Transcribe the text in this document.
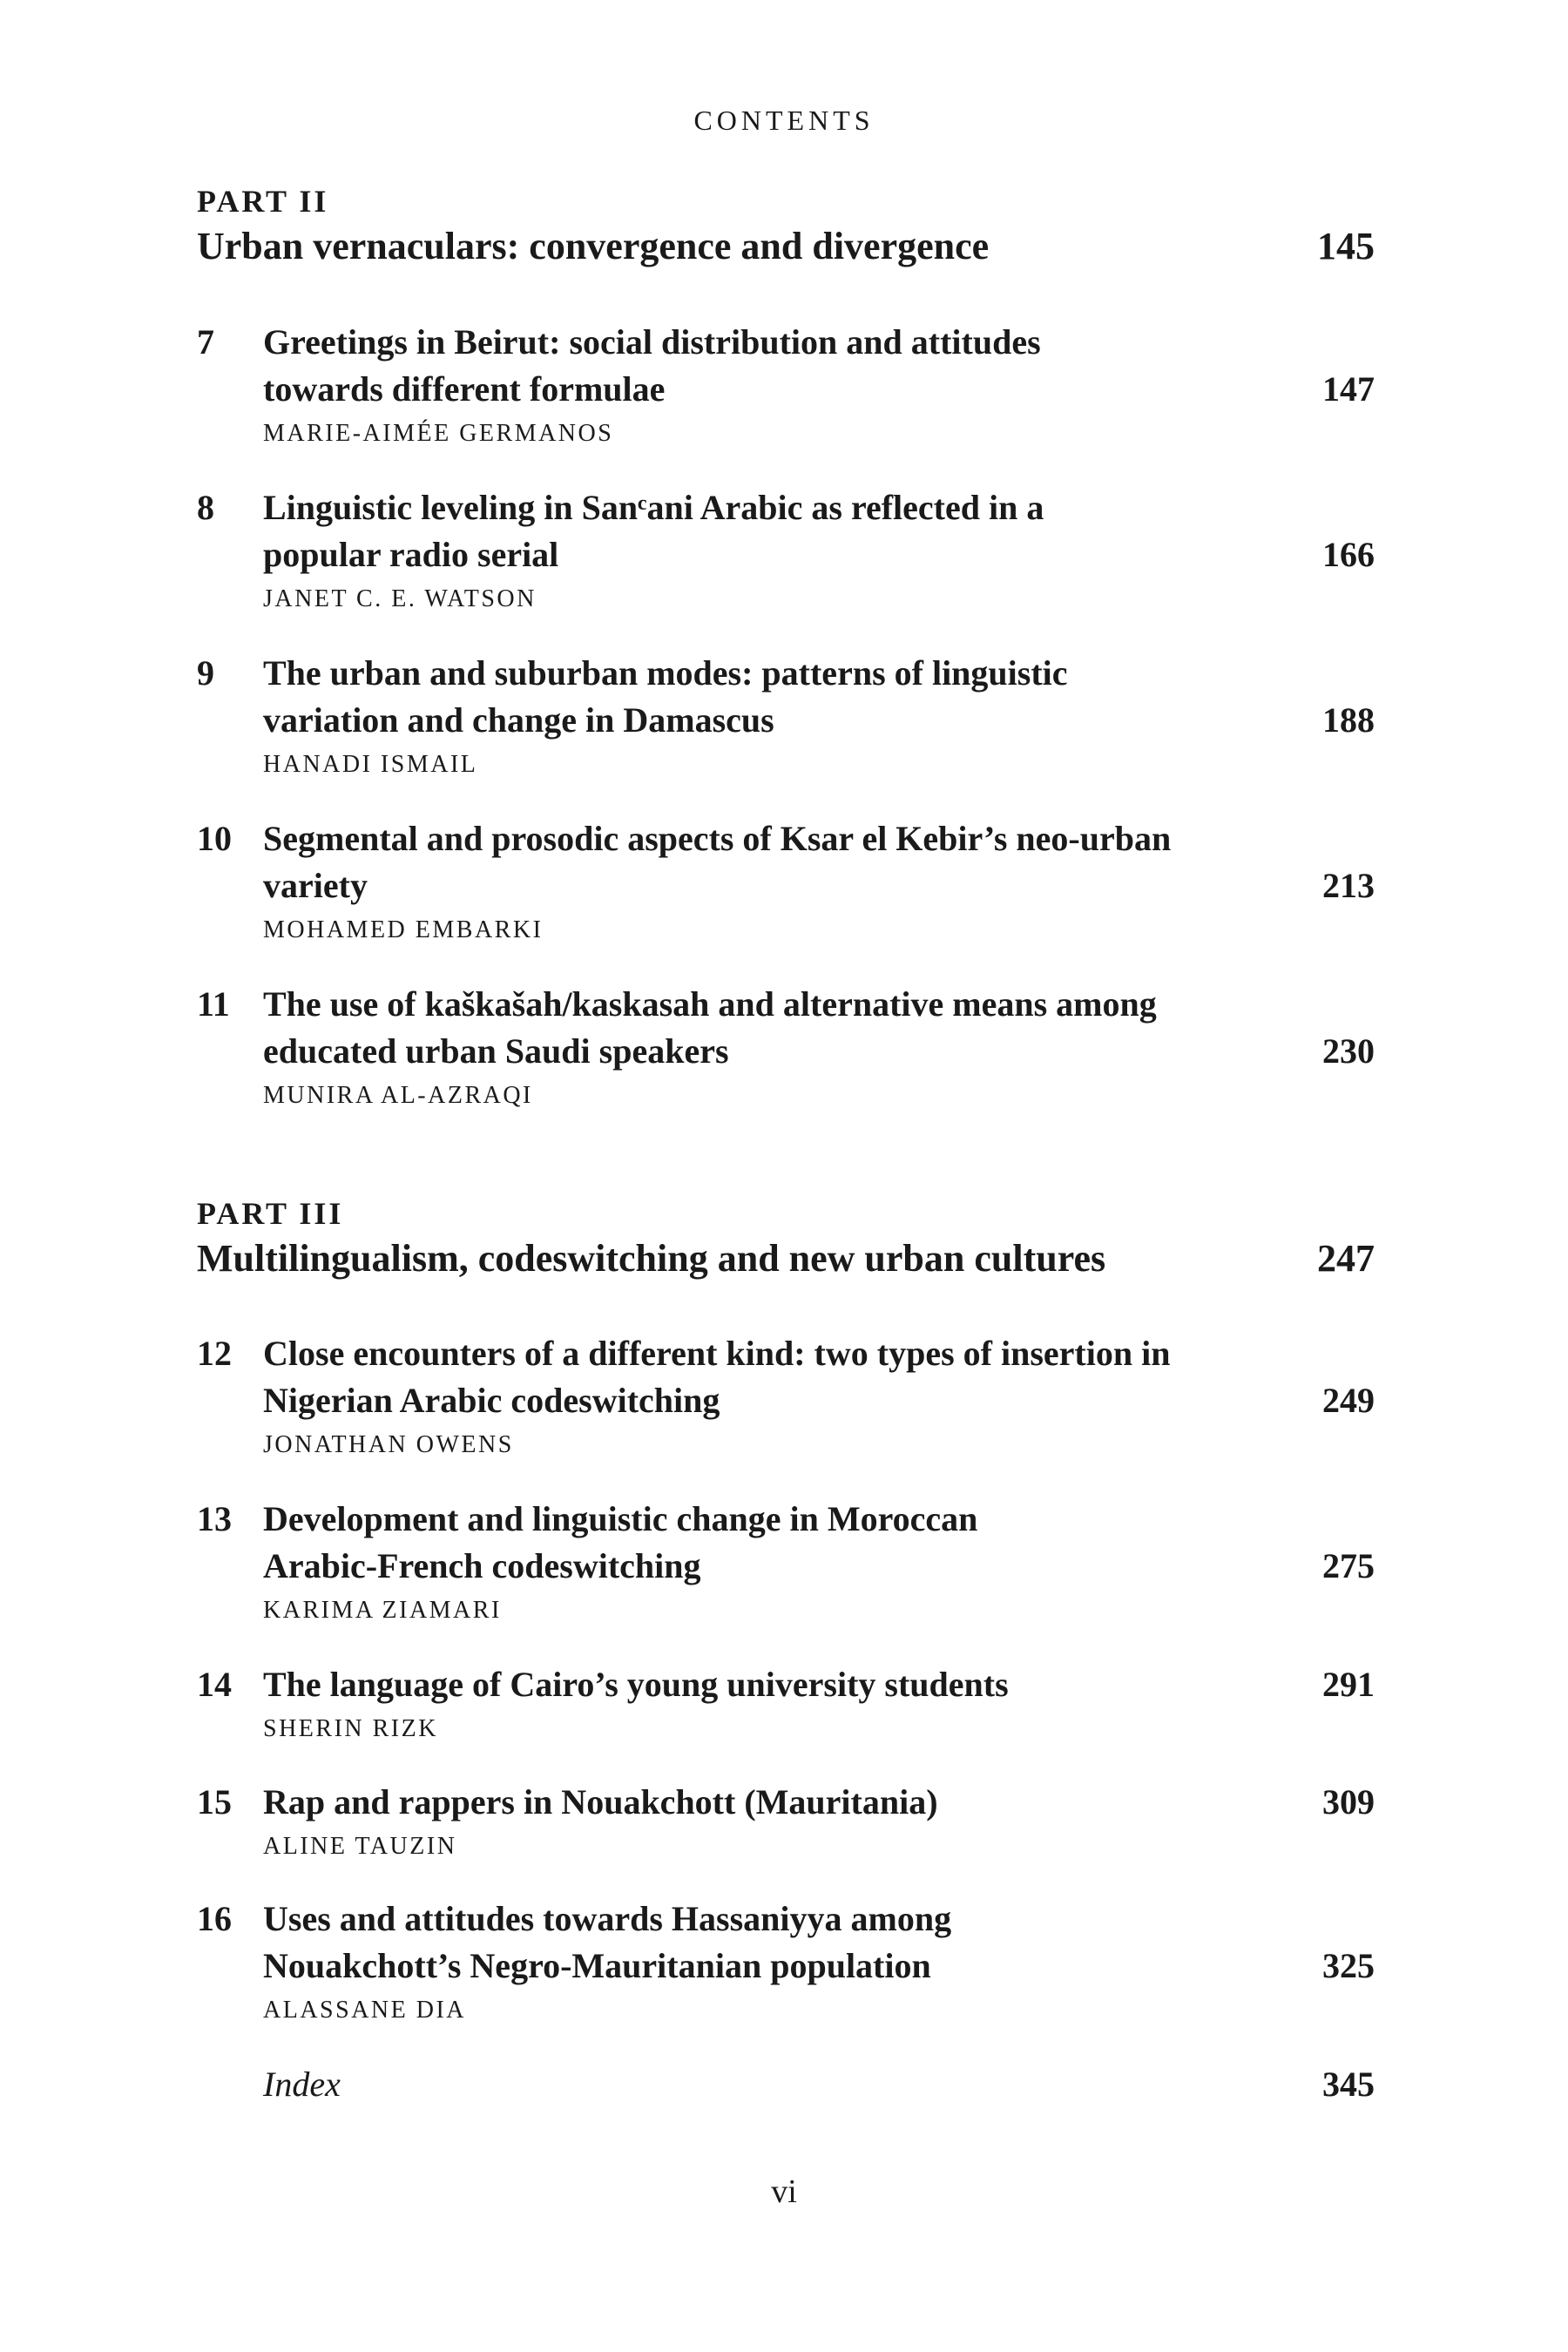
CONTENTS
PART II
Urban vernaculars: convergence and divergence	145
7 Greetings in Beirut: social distribution and attitudes
towards different formulae	147
MARIE-AIMÉE GERMANOS
8 Linguistic leveling in Sanᶜani Arabic as reflected in a
popular radio serial	166
JANET C. E. WATSON
9 The urban and suburban modes: patterns of linguistic
variation and change in Damascus	188
HANADI ISMAIL
10 Segmental and prosodic aspects of Ksar el Kebir’s neo-urban
variety	213
MOHAMED EMBARKI
11 The use of kaškašah/kaskasah and alternative means among
educated urban Saudi speakers	230
MUNIRA AL-AZRAQI
PART III
Multilingualism, codeswitching and new urban cultures	247
12 Close encounters of a different kind: two types of insertion in
Nigerian Arabic codeswitching	249
JONATHAN OWENS
13 Development and linguistic change in Moroccan
Arabic-French codeswitching	275
KARIMA ZIAMARI
14 The language of Cairo’s young university students	291
SHERIN RIZK
15 Rap and rappers in Nouakchott (Mauritania)	309
ALINE TAUZIN
16 Uses and attitudes towards Hassaniyya among
Nouakchott’s Negro-Mauritanian population	325
ALASSANE DIA
Index	345
vi
